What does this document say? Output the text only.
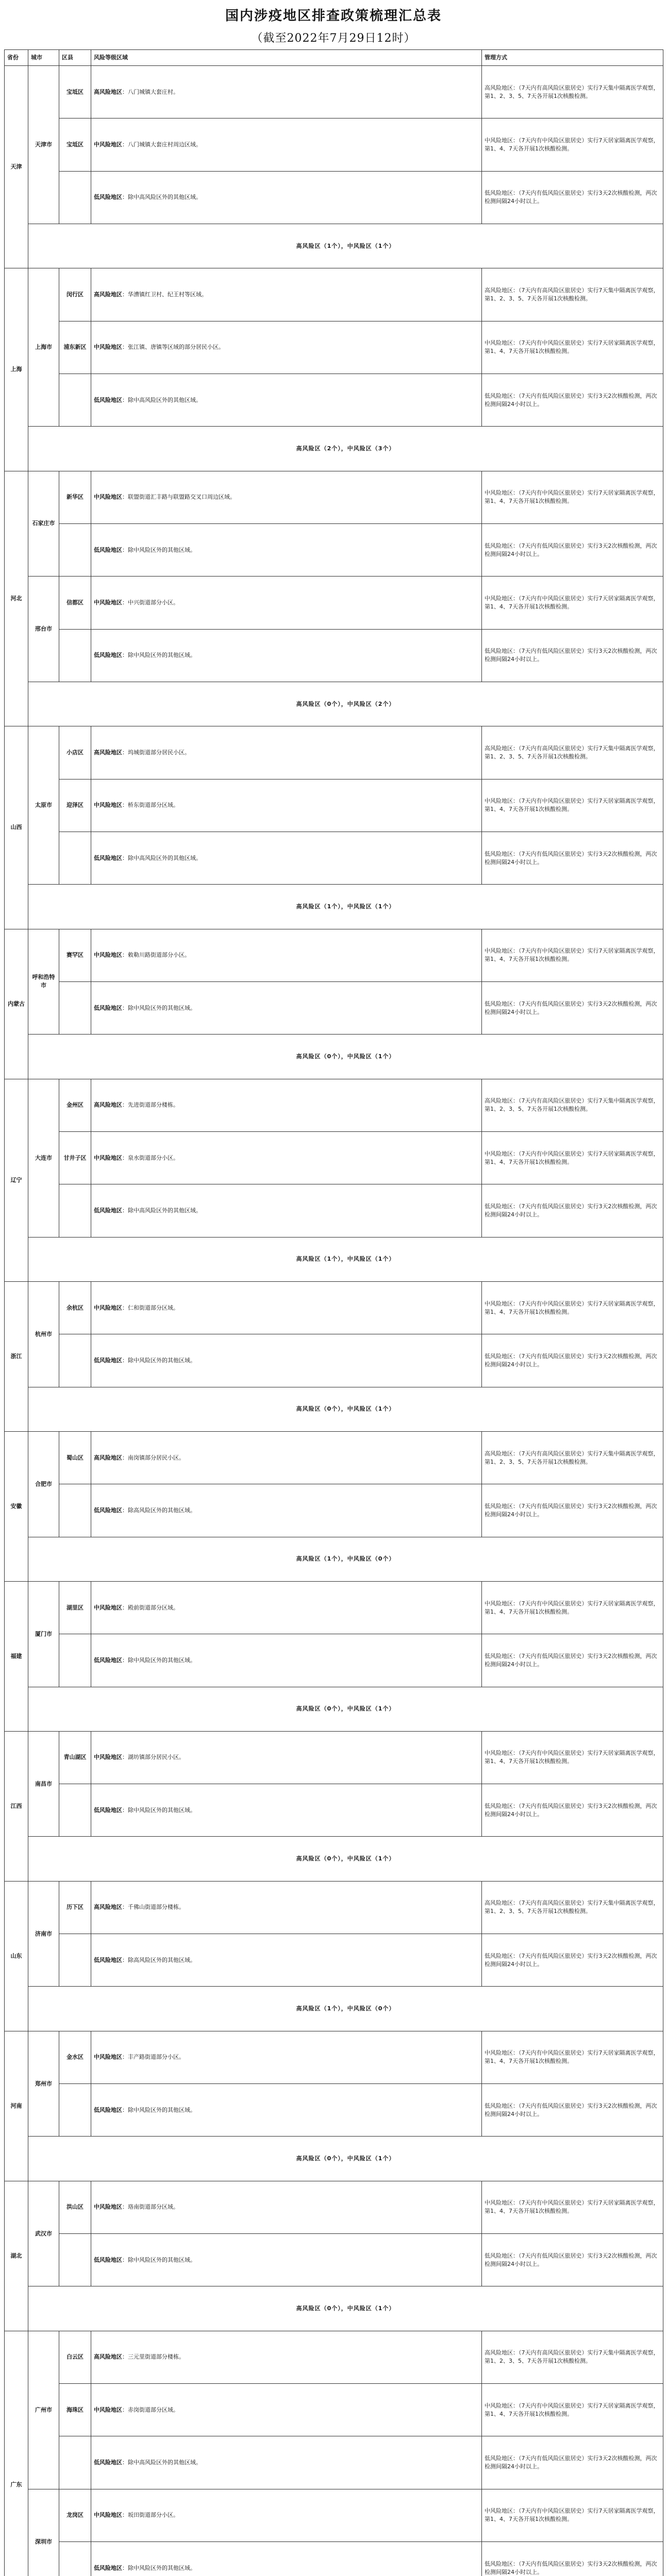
国内涉疫地区排查政策梳理汇总表
（截至2022年7月29日12时）
省份	城市	区县	风险等级区域	管理方式
天津	天津市	宝坻区	高风险地区：八门城镇大套庄村。	高风险地区：（7天内有高风险区旅居史）实行7天集中隔离医学观察，第1、2、3、5、7天各开展1次核酸检测。
		宝坻区	中风险地区：八门城镇大套庄村周边区域。	中风险地区：（7天内有中风险区旅居史）实行7天居家隔离医学观察，第1、4、7天各开展1次核酸检测。
			低风险地区：除中高风险区外的其他区域。	低风险地区：（7天内有低风险区旅居史）实行3天2次核酸检测，两次检测间隔24小时以上。
	高风险区（1个），中风险区（1个）			
上海	上海市	闵行区	高风险地区：华漕镇红卫村、纪王村等区域。	高风险地区：（7天内有高风险区旅居史）实行7天集中隔离医学观察，第1、2、3、5、7天各开展1次核酸检测。
		浦东新区	中风险地区：张江镇、唐镇等区域的部分居民小区。	中风险地区：（7天内有中风险区旅居史）实行7天居家隔离医学观察，第1、4、7天各开展1次核酸检测。
			低风险地区：除中高风险区外的其他区域。	低风险地区：（7天内有低风险区旅居史）实行3天2次核酸检测，两次检测间隔24小时以上。
	高风险区（2个），中风险区（3个）			
河北	石家庄市	新华区	中风险地区：联盟街道汇丰路与联盟路交叉口周边区域。	中风险地区：（7天内有中风险区旅居史）实行7天居家隔离医学观察，第1、4、7天各开展1次核酸检测。
			低风险地区：除中风险区外的其他区域。	低风险地区：（7天内有低风险区旅居史）实行3天2次核酸检测，两次检测间隔24小时以上。
	邢台市	信都区	中风险地区：中兴街道部分小区。	中风险地区：（7天内有中风险区旅居史）实行7天居家隔离医学观察，第1、4、7天各开展1次核酸检测。
			低风险地区：除中风险区外的其他区域。	低风险地区：（7天内有低风险区旅居史）实行3天2次核酸检测，两次检测间隔24小时以上。
	高风险区（0个），中风险区（2个）			
山西	太原市	小店区	高风险地区：坞城街道部分居民小区。	高风险地区：（7天内有高风险区旅居史）实行7天集中隔离医学观察，第1、2、3、5、7天各开展1次核酸检测。
		迎泽区	中风险地区：桥东街道部分区域。	中风险地区：（7天内有中风险区旅居史）实行7天居家隔离医学观察，第1、4、7天各开展1次核酸检测。
			低风险地区：除中高风险区外的其他区域。	低风险地区：（7天内有低风险区旅居史）实行3天2次核酸检测，两次检测间隔24小时以上。
	高风险区（1个），中风险区（1个）			
内蒙古	呼和浩特市	赛罕区	中风险地区：敕勒川路街道部分小区。	中风险地区：（7天内有中风险区旅居史）实行7天居家隔离医学观察，第1、4、7天各开展1次核酸检测。
			低风险地区：除中风险区外的其他区域。	低风险地区：（7天内有低风险区旅居史）实行3天2次核酸检测，两次检测间隔24小时以上。
	高风险区（0个），中风险区（1个）			
辽宁	大连市	金州区	高风险地区：先进街道部分楼栋。	高风险地区：（7天内有高风险区旅居史）实行7天集中隔离医学观察，第1、2、3、5、7天各开展1次核酸检测。
		甘井子区	中风险地区：泉水街道部分小区。	中风险地区：（7天内有中风险区旅居史）实行7天居家隔离医学观察，第1、4、7天各开展1次核酸检测。
			低风险地区：除中高风险区外的其他区域。	低风险地区：（7天内有低风险区旅居史）实行3天2次核酸检测，两次检测间隔24小时以上。
	高风险区（1个），中风险区（1个）			
浙江	杭州市	余杭区	中风险地区：仁和街道部分区域。	中风险地区：（7天内有中风险区旅居史）实行7天居家隔离医学观察，第1、4、7天各开展1次核酸检测。
			低风险地区：除中风险区外的其他区域。	低风险地区：（7天内有低风险区旅居史）实行3天2次核酸检测，两次检测间隔24小时以上。
	高风险区（0个），中风险区（1个）			
安徽	合肥市	蜀山区	高风险地区：南岗镇部分居民小区。	高风险地区：（7天内有高风险区旅居史）实行7天集中隔离医学观察，第1、2、3、5、7天各开展1次核酸检测。
			低风险地区：除高风险区外的其他区域。	低风险地区：（7天内有低风险区旅居史）实行3天2次核酸检测，两次检测间隔24小时以上。
	高风险区（1个），中风险区（0个）			
福建	厦门市	湖里区	中风险地区：殿前街道部分区域。	中风险地区：（7天内有中风险区旅居史）实行7天居家隔离医学观察，第1、4、7天各开展1次核酸检测。
			低风险地区：除中风险区外的其他区域。	低风险地区：（7天内有低风险区旅居史）实行3天2次核酸检测，两次检测间隔24小时以上。
	高风险区（0个），中风险区（1个）			
江西	南昌市	青山湖区	中风险地区：湖坊镇部分居民小区。	中风险地区：（7天内有中风险区旅居史）实行7天居家隔离医学观察，第1、4、7天各开展1次核酸检测。
			低风险地区：除中风险区外的其他区域。	低风险地区：（7天内有低风险区旅居史）实行3天2次核酸检测，两次检测间隔24小时以上。
	高风险区（0个），中风险区（1个）			
山东	济南市	历下区	高风险地区：千佛山街道部分楼栋。	高风险地区：（7天内有高风险区旅居史）实行7天集中隔离医学观察，第1、2、3、5、7天各开展1次核酸检测。
			低风险地区：除高风险区外的其他区域。	低风险地区：（7天内有低风险区旅居史）实行3天2次核酸检测，两次检测间隔24小时以上。
	高风险区（1个），中风险区（0个）			
河南	郑州市	金水区	中风险地区：丰产路街道部分小区。	中风险地区：（7天内有中风险区旅居史）实行7天居家隔离医学观察，第1、4、7天各开展1次核酸检测。
			低风险地区：除中风险区外的其他区域。	低风险地区：（7天内有低风险区旅居史）实行3天2次核酸检测，两次检测间隔24小时以上。
	高风险区（0个），中风险区（1个）			
湖北	武汉市	洪山区	中风险地区：珞南街道部分区域。	中风险地区：（7天内有中风险区旅居史）实行7天居家隔离医学观察，第1、4、7天各开展1次核酸检测。
			低风险地区：除中风险区外的其他区域。	低风险地区：（7天内有低风险区旅居史）实行3天2次核酸检测，两次检测间隔24小时以上。
	高风险区（0个），中风险区（1个）			
广东	广州市	白云区	高风险地区：三元里街道部分楼栋。	高风险地区：（7天内有高风险区旅居史）实行7天集中隔离医学观察，第1、2、3、5、7天各开展1次核酸检测。
		海珠区	中风险地区：赤岗街道部分区域。	中风险地区：（7天内有中风险区旅居史）实行7天居家隔离医学观察，第1、4、7天各开展1次核酸检测。
			低风险地区：除中高风险区外的其他区域。	低风险地区：（7天内有低风险区旅居史）实行3天2次核酸检测，两次检测间隔24小时以上。
	深圳市	龙岗区	中风险地区：坂田街道部分小区。	中风险地区：（7天内有中风险区旅居史）实行7天居家隔离医学观察，第1、4、7天各开展1次核酸检测。
			低风险地区：除中风险区外的其他区域。	低风险地区：（7天内有低风险区旅居史）实行3天2次核酸检测，两次检测间隔24小时以上。
